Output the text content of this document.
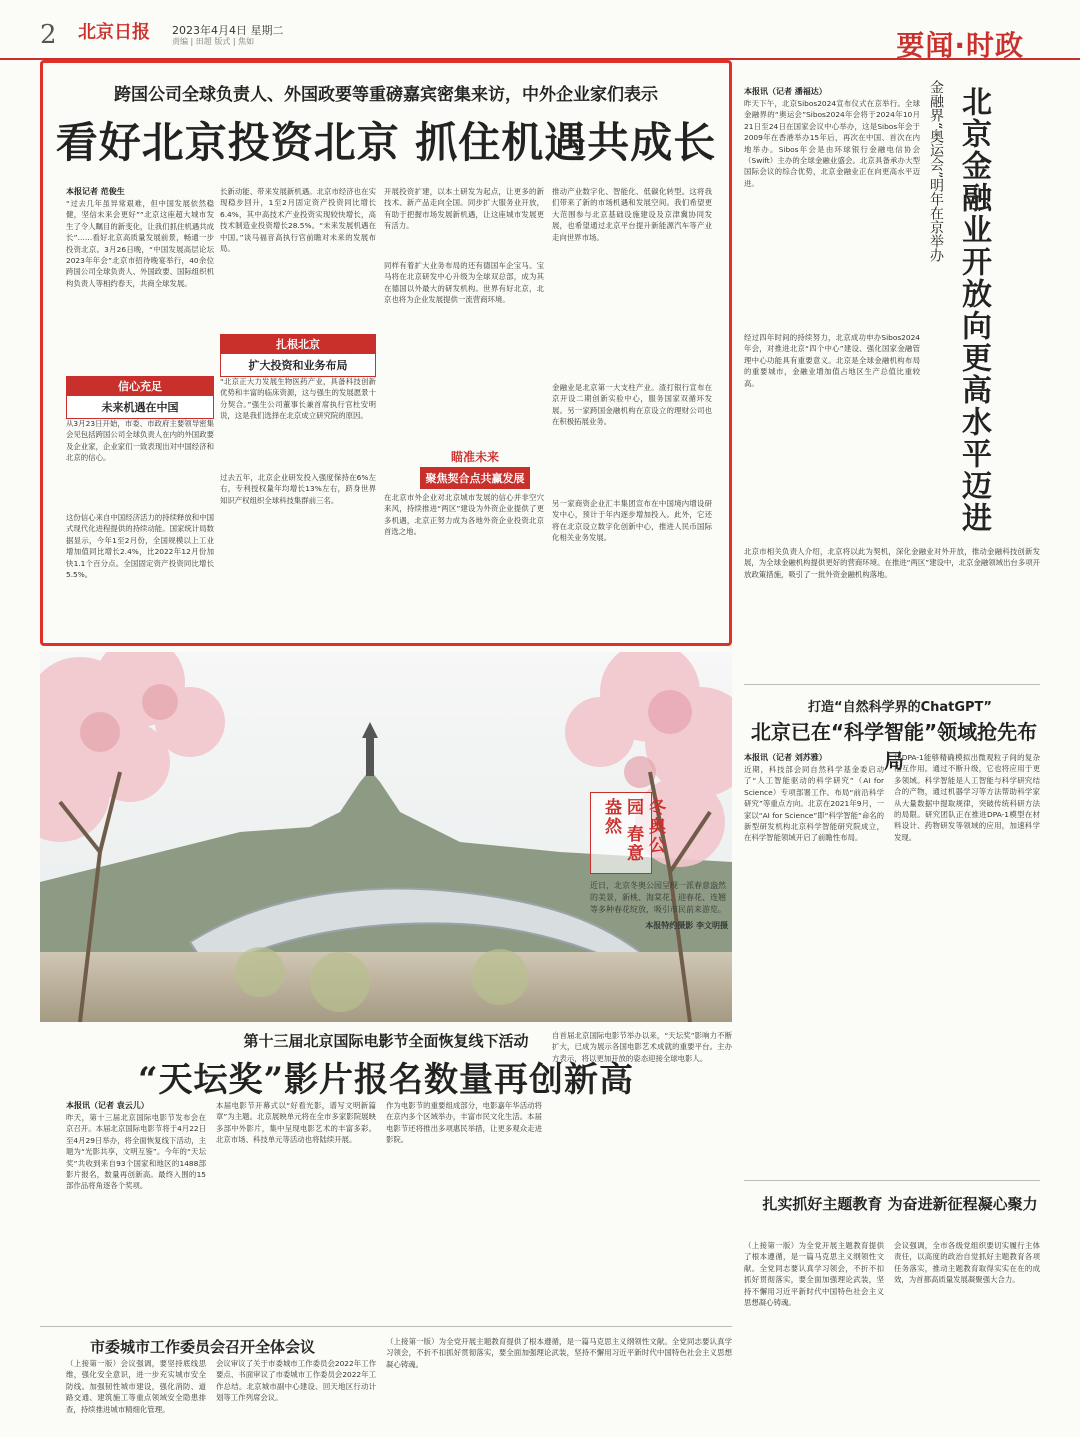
2 北京日报 2023年4月4日 星期二
责编 | 田超 版式 | 焦如	要闻·时政
跨国公司全球负责人、外国政要等重磅嘉宾密集来访，中外企业家们表示
看好北京投资北京 抓住机遇共成长
本报记者 范俊生
“过去几年虽异常艰难，但中国发展依然稳健，坚信未来会更好”“北京这座超大城市发生了令人瞩目的新变化，让我们抓住机遇共成长”……看好北京高质量发展前景，畅通一步投资北京。3月26日晚，“中国发展高层论坛2023年年会”北京市招待晚宴举行，40余位跨国公司全球负责人、外国政要、国际组织机构负责人等相约春天，共商全球发展。
信心充足
未来机遇在中国
从3月23日开始，市委、市政府主要领导密集会见包括跨国公司全球负责人在内的外国政要及企业家，企业家们一致表现出对中国经济和北京的信心。
这份信心来自中国经济活力的持续释放和中国式现代化进程提供的持续动能。国家统计局数据显示，今年1至2月份，全国规模以上工业增加值同比增长2.4%，比2022年12月份加快1.1个百分点。全国固定资产投资同比增长5.5%。
长新动能、带来发展新机遇。北京市经济也在实现稳步回升，1至2月固定资产投资同比增长6.4%，其中高技术产业投资实现较快增长，高技术制造业投资增长28.5%。“未来发展机遇在中国。”谈马福音高执行官前瞻对未来的发展布局。
扎根北京
扩大投资和业务布局
“北京正大力发展生物医药产业，具备科技创新优势和丰富的临床资源，这与强生的发展愿景十分契合。”强生公司董事长兼首席执行官杜安明说，这是我们选择在北京成立研究院的原因。
过去五年，北京企业研发投入强度保持在6%左右，专利授权量年均增长13%左右，跻身世界知识产权组织全球科技集群前三名。
开展投资扩建，以本土研发为起点，让更多的新技术、新产品走向全国。同步扩大服务业开放，有助于把握市场发展新机遇，让这座城市发展更有活力。
同样有着扩大业务布局的还有德国车企宝马。宝马将在北京研发中心升级为全球双总部，成为其在德国以外最大的研发机构。世界有好北京，北京也将为企业发展提供一流营商环境。
瞄准未来
聚焦契合点共赢发展
在北京市外企业对北京城市发展的信心并非空穴来风，持续推进“两区”建设为外资企业提供了更多机遇，北京正努力成为各地外资企业投资北京首选之地。
推动产业数字化、智能化、低碳化转型。这将我们带来了新的市场机遇和发展空间。我们希望更大范围参与北京基础设施建设及京津冀协同发展，也希望通过北京平台提升新能源汽车等产业走向世界市场。
金融业是北京第一大支柱产业。渣打银行宣布在京开设二期创新实验中心，服务国家双循环发展。另一家跨国金融机构在京设立的理财公司也在积极拓展业务。
另一家商资企业汇丰集团宣布在中国境内增设研发中心，预计于年内逐步增加投入。此外，它还将在北京设立数字化创新中心，推进人民币国际化相关业务发展。
金融界“奥运会”明年在京举办 北京金融业开放向更高水平迈进
本报讯（记者 潘福达）
昨天下午，北京Sibos2024宣布仪式在京举行。全球金融界的“奥运会”Sibos2024年会将于2024年10月21日至24日在国家会议中心举办，这是Sibos年会于2009年在香港举办15年后，再次在中国、首次在内地举办。Sibos年会是由环球银行金融电信协会（Swift）主办的全球金融业盛会。北京具备承办大型国际会议的综合优势，北京金融业正在向更高水平迈进。
经过四年时间的持续努力，北京成功申办Sibos2024年会，对推进北京“四个中心”建设、强化国家金融管理中心功能具有重要意义。北京是全球金融机构布局的重要城市，金融业增加值占地区生产总值比重较高。
北京市相关负责人介绍，北京将以此为契机，深化金融业对外开放，推动金融科技创新发展，为全球金融机构提供更好的营商环境。在推进“两区”建设中，北京金融领域出台多项开放政策措施，吸引了一批外资金融机构落地。
冬奥公园 春意盎然
近日，北京冬奥公园呈现一派春意盎然的美景，新桃、海棠花、迎春花、连翘等多种春花绽放，吸引市民前来游览。
本报特约摄影 李文明摄
打造“自然科学界的ChatGPT”
北京已在“科学智能”领域抢先布局
本报讯（记者 刘苏雅）
近期，科技部会同自然科学基金委启动了“人工智能驱动的科学研究”（AI for Science）专项部署工作。布局“前沿科学研究”等重点方向。北京在2021年9月，一家以“AI for Science”即“科学智能”命名的新型研发机构北京科学智能研究院成立，在科学智能领域开启了前瞻性布局。
让DPA-1能够精确模拟出微观粒子间的复杂相互作用。通过不断升级，它也将应用于更多领域。科学智能是人工智能与科学研究结合的产物，通过机器学习等方法帮助科学家从大量数据中提取规律，突破传统科研方法的局限。研究团队正在推进DPA-1模型在材料设计、药物研发等领域的应用，加速科学发现。
第十三届北京国际电影节全面恢复线下活动
“天坛奖”影片报名数量再创新高
本报讯（记者 袁云儿）
昨天，第十三届北京国际电影节发布会在京召开。本届北京国际电影节将于4月22日至4月29日举办，将全面恢复线下活动，主题为“光影共享，文明互鉴”。今年的“天坛奖”共收到来自93个国家和地区的1488部影片报名，数量再创新高。最终入围的15部作品将角逐各个奖项。
本届电影节开幕式以“好看光影，谱写文明新篇章”为主题。北京展映单元将在全市多家影院展映多部中外影片，集中呈现电影艺术的丰富多彩。北京市场、科技单元等活动也将陆续开展。
作为电影节的重要组成部分，电影嘉年华活动将在京内多个区域举办，丰富市民文化生活。本届电影节还将推出多项惠民举措，让更多观众走进影院。
自首届北京国际电影节举办以来，“天坛奖”影响力不断扩大，已成为展示各国电影艺术成就的重要平台。主办方表示，将以更加开放的姿态迎接全球电影人。
市委城市工作委员会召开全体会议
（上接第一版）会议强调，要坚持底线思维，强化安全意识，进一步充实城市安全防线。加强韧性城市建设，强化消防、道路交通、建筑施工等重点领域安全隐患排查，持续推进城市精细化管理。
会议审议了关于市委城市工作委员会2022年工作要点、书面审议了市委城市工作委员会2022年工作总结。北京城市副中心建设、回天地区行动计划等工作列席会议。
扎实抓好主题教育 为奋进新征程凝心聚力
（上接第一版）为全党开展主题教育提供了根本遵循，是一篇马克思主义纲领性文献。全党同志要认真学习领会，不折不扣抓好贯彻落实，要全面加强理论武装，坚持不懈用习近平新时代中国特色社会主义思想凝心铸魂。
会议强调，全市各级党组织要切实履行主体责任，以高度的政治自觉抓好主题教育各项任务落实，推动主题教育取得实实在在的成效，为首都高质量发展凝聚强大合力。
（上接第一版）为全党开展主题教育提供了根本遵循，是一篇马克思主义纲领性文献。全党同志要认真学习领会，不折不扣抓好贯彻落实，要全面加强理论武装，坚持不懈用习近平新时代中国特色社会主义思想凝心铸魂。
